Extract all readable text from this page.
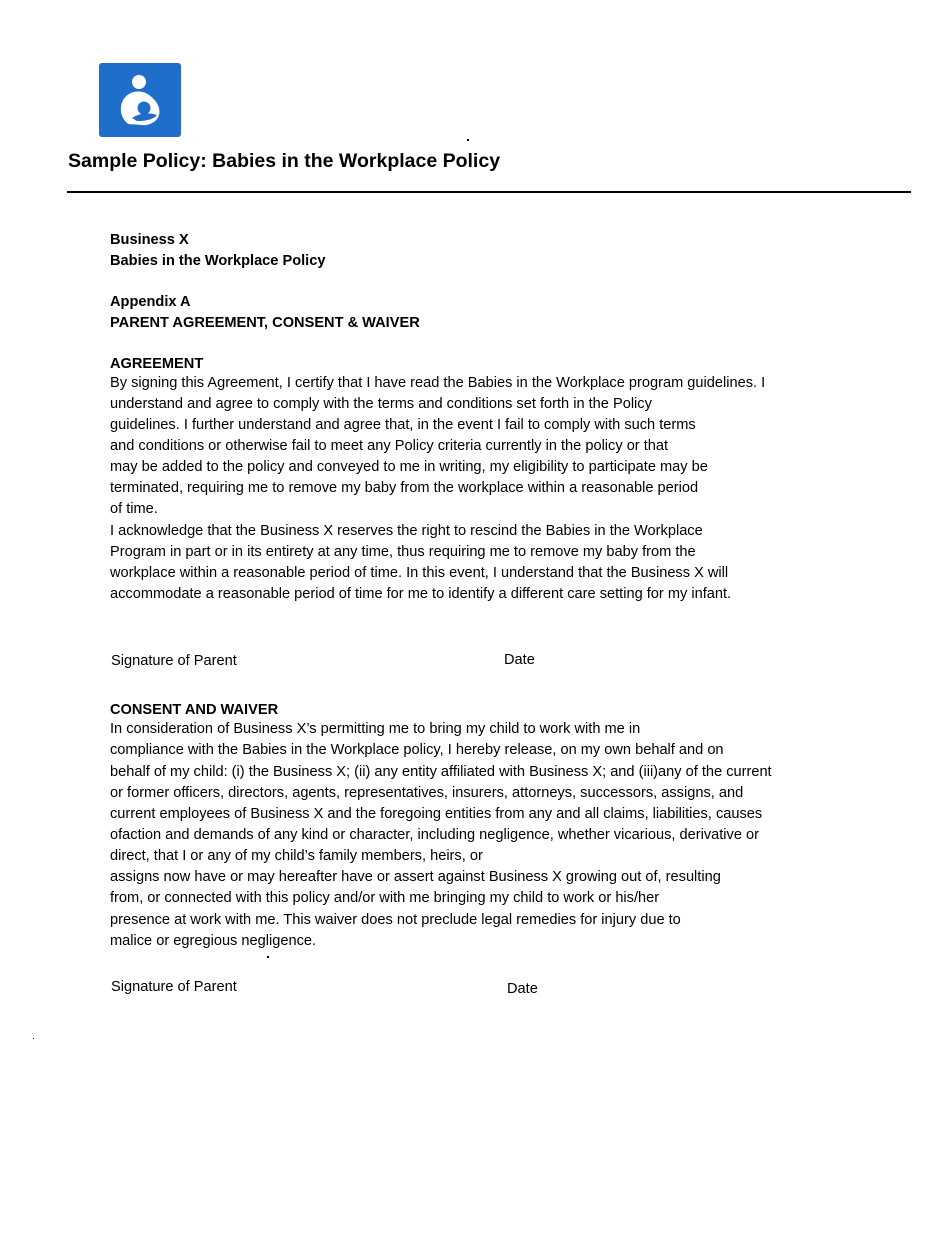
Sample Policy: Babies in the Workplace Policy
Business X
Babies in the Workplace Policy
Appendix A
PARENT AGREEMENT, CONSENT & WAIVER
AGREEMENT
By signing this Agreement, I certify that I have read the Babies in the Workplace program guidelines. I
understand and agree to comply with the terms and conditions set forth in the Policy
guidelines. I further understand and agree that, in the event I fail to comply with such terms
and conditions or otherwise fail to meet any Policy criteria currently in the policy or that
may be added to the policy and conveyed to me in writing, my eligibility to participate may be
terminated, requiring me to remove my baby from the workplace within a reasonable period
of time.
I acknowledge that the Business X reserves the right to rescind the Babies in the Workplace
Program in part or in its entirety at any time, thus requiring me to remove my baby from the
workplace within a reasonable period of time. In this event, I understand that the Business X will
accommodate a reasonable period of time for me to identify a different care setting for my infant.
Signature of Parent	Date
CONSENT AND WAIVER
In consideration of Business X’s permitting me to bring my child to work with me in
compliance with the Babies in the Workplace policy, I hereby release, on my own behalf and on
behalf of my child: (i) the Business X; (ii) any entity affiliated with Business X; and (iii)any of the current
or former officers, directors, agents, representatives, insurers, attorneys, successors, assigns, and
current employees of Business X and the foregoing entities from any and all claims, liabilities, causes
ofaction and demands of any kind or character, including negligence, whether vicarious, derivative or
direct, that I or any of my child’s family members, heirs, or
assigns now have or may hereafter have or assert against Business X growing out of, resulting
from, or connected with this policy and/or with me bringing my child to work or his/her
presence at work with me. This waiver does not preclude legal remedies for injury due to
malice or egregious negligence.
Signature of Parent	Date
